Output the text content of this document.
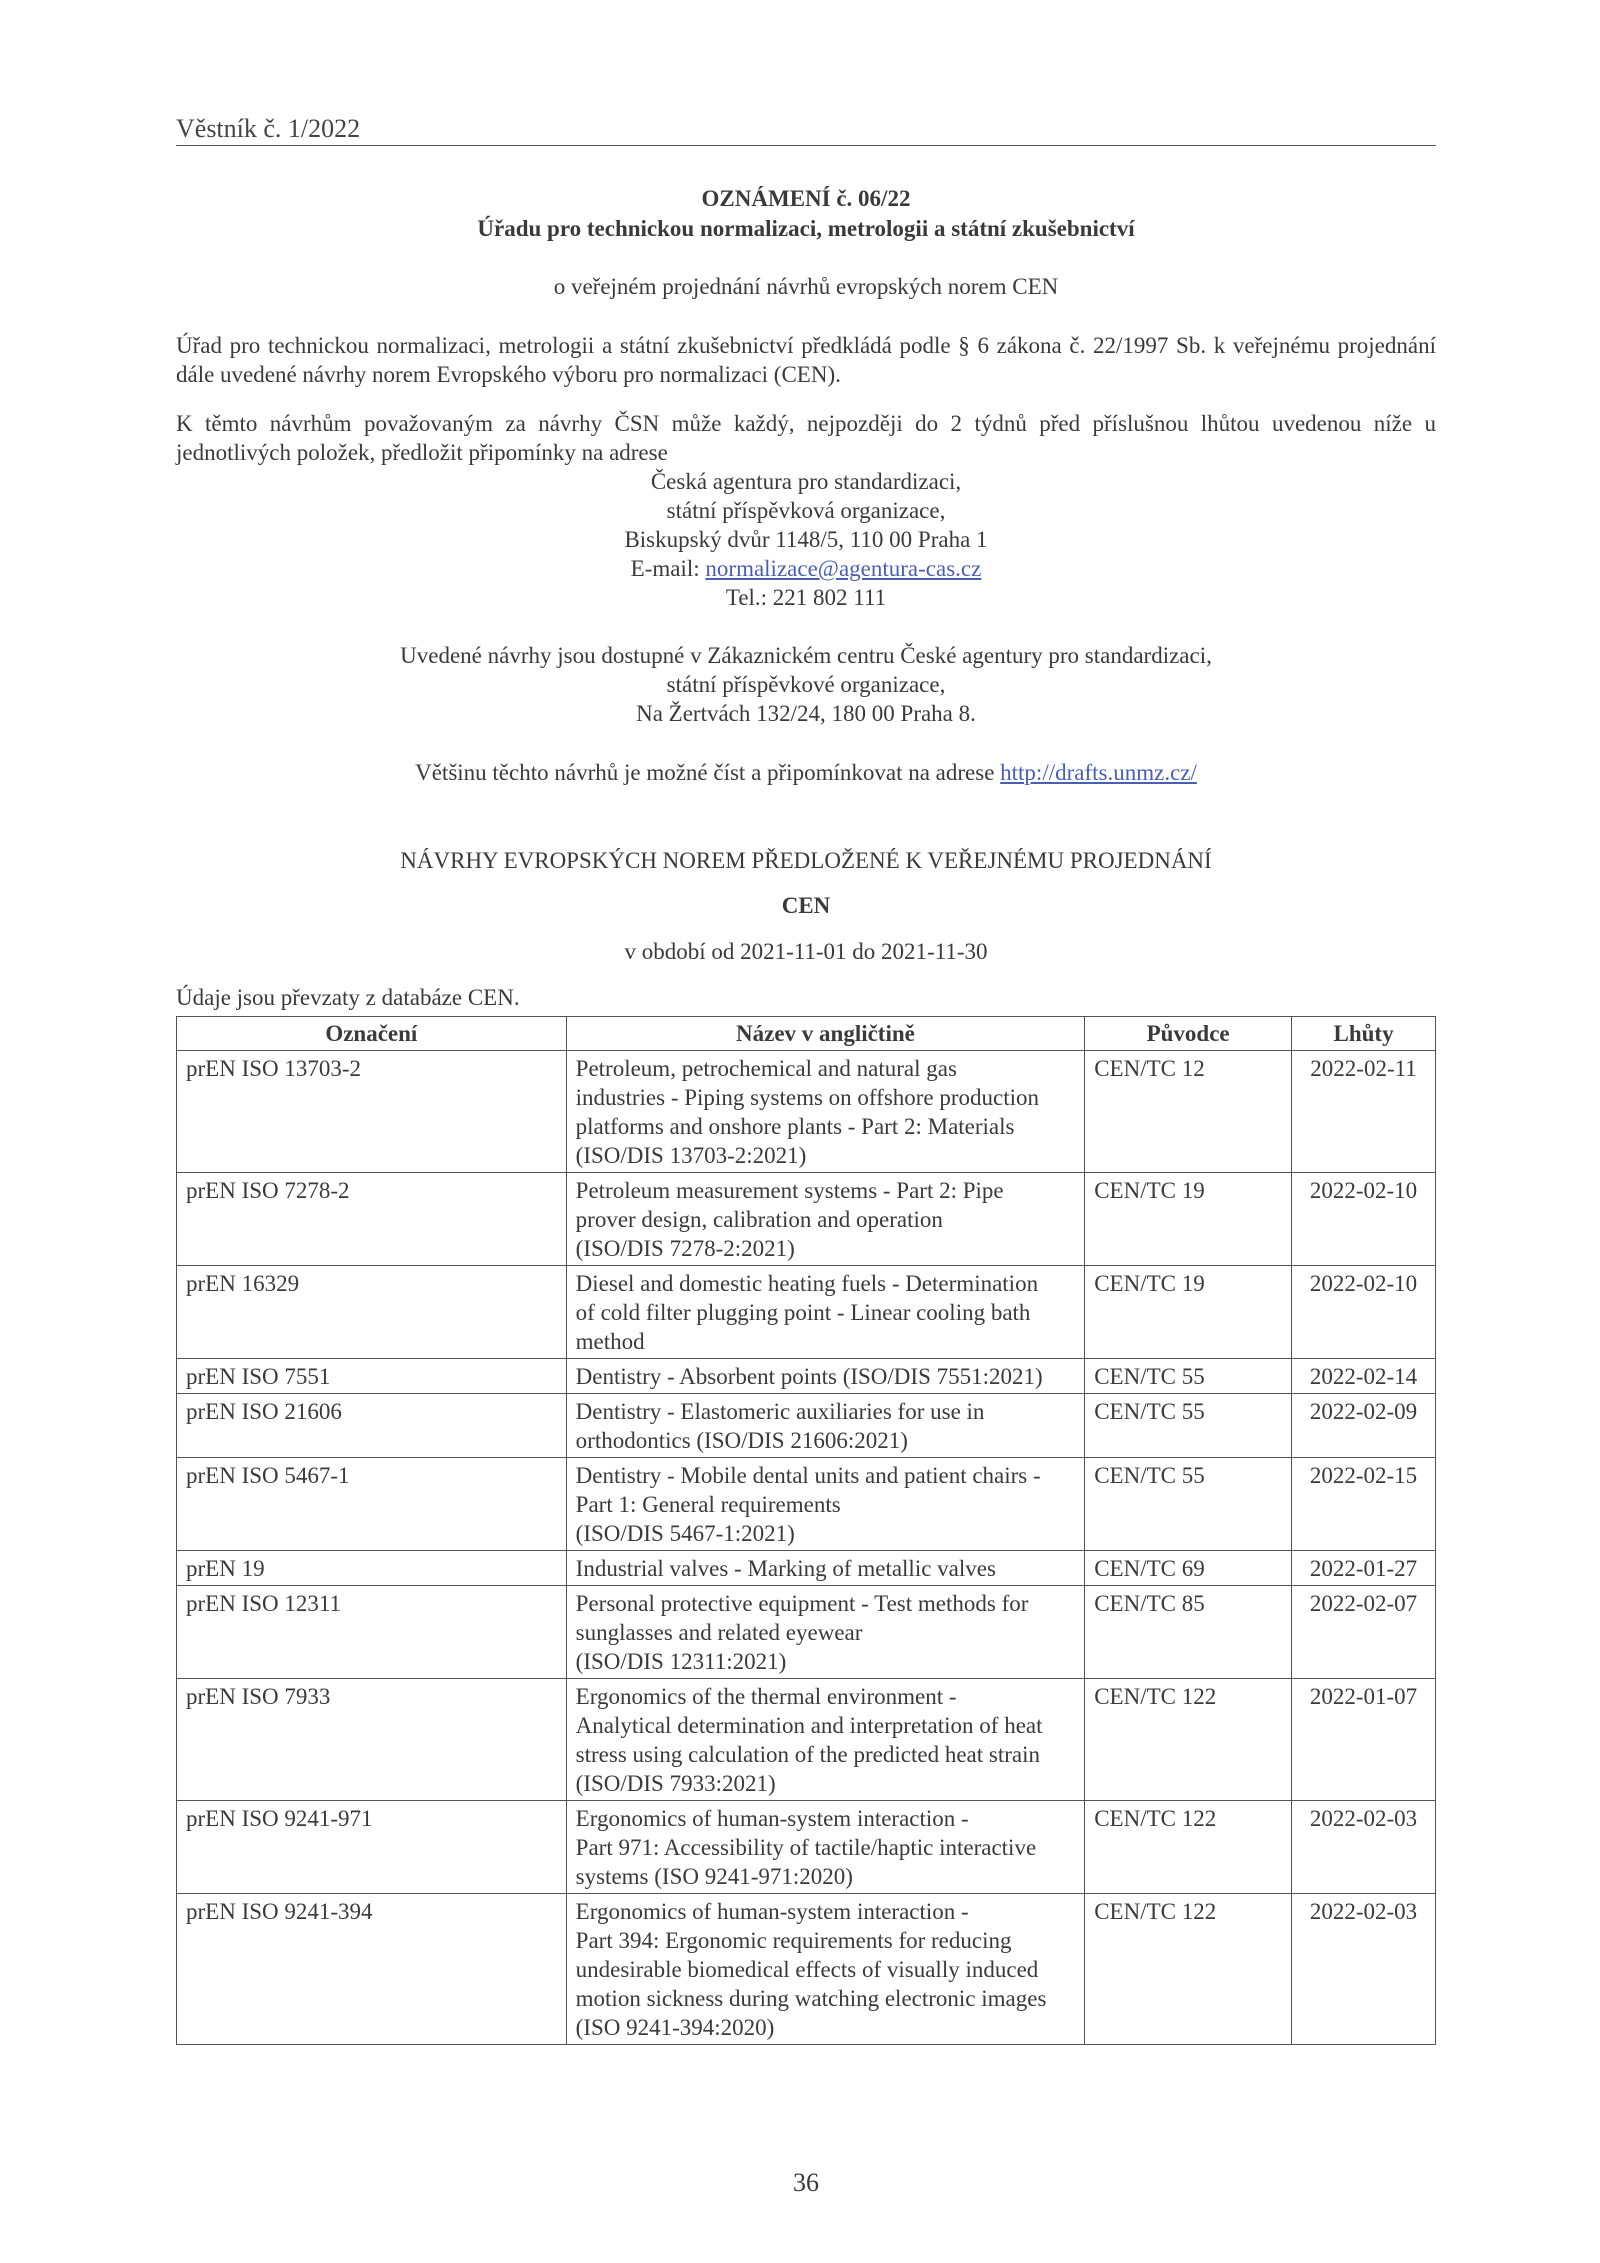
Věstník č. 1/2022
OZNÁMENÍ č. 06/22
Úřadu pro technickou normalizaci, metrologii a státní zkušebnictví
o veřejném projednání návrhů evropských norem CEN
Úřad pro technickou normalizaci, metrologii a státní zkušebnictví předkládá podle § 6 zákona č. 22/1997 Sb. k veřejnému projednání dále uvedené návrhy norem Evropského výboru pro normalizaci (CEN).
K těmto návrhům považovaným za návrhy ČSN může každý, nejpozději do 2 týdnů před příslušnou lhůtou uvedenou níže u jednotlivých položek, předložit připomínky na adrese
Česká agentura pro standardizaci,
státní příspěvková organizace,
Biskupský dvůr 1148/5, 110 00 Praha 1
E-mail: normalizace@agentura-cas.cz
Tel.: 221 802 111
Uvedené návrhy jsou dostupné v Zákaznickém centru České agentury pro standardizaci,
státní příspěvkové organizace,
Na Žertvách 132/24, 180 00 Praha 8.
Většinu těchto návrhů je možné číst a připomínkovat na adrese http://drafts.unmz.cz/
NÁVRHY EVROPSKÝCH NOREM PŘEDLOŽENÉ K VEŘEJNÉMU PROJEDNÁNÍ
CEN
v období od 2021-11-01 do 2021-11-30
Údaje jsou převzaty z databáze CEN.
Označení	Název v angličtině	Původce	Lhůty
prEN ISO 13703-2	Petroleum, petrochemical and natural gas
industries - Piping systems on offshore production
platforms and onshore plants - Part 2: Materials
(ISO/DIS 13703-2:2021)	CEN/TC 12	2022-02-11
prEN ISO 7278-2	Petroleum measurement systems - Part 2: Pipe
prover design, calibration and operation
(ISO/DIS 7278-2:2021)	CEN/TC 19	2022-02-10
prEN 16329	Diesel and domestic heating fuels - Determination
of cold filter plugging point - Linear cooling bath
method	CEN/TC 19	2022-02-10
prEN ISO 7551	Dentistry - Absorbent points (ISO/DIS 7551:2021)	CEN/TC 55	2022-02-14
prEN ISO 21606	Dentistry - Elastomeric auxiliaries for use in
orthodontics (ISO/DIS 21606:2021)	CEN/TC 55	2022-02-09
prEN ISO 5467-1	Dentistry - Mobile dental units and patient chairs -
Part 1: General requirements
(ISO/DIS 5467-1:2021)	CEN/TC 55	2022-02-15
prEN 19	Industrial valves - Marking of metallic valves	CEN/TC 69	2022-01-27
prEN ISO 12311	Personal protective equipment - Test methods for
sunglasses and related eyewear
(ISO/DIS 12311:2021)	CEN/TC 85	2022-02-07
prEN ISO 7933	Ergonomics of the thermal environment -
Analytical determination and interpretation of heat
stress using calculation of the predicted heat strain
(ISO/DIS 7933:2021)	CEN/TC 122	2022-01-07
prEN ISO 9241-971	Ergonomics of human-system interaction -
Part 971: Accessibility of tactile/haptic interactive
systems (ISO 9241-971:2020)	CEN/TC 122	2022-02-03
prEN ISO 9241-394	Ergonomics of human-system interaction -
Part 394: Ergonomic requirements for reducing
undesirable biomedical effects of visually induced
motion sickness during watching electronic images
(ISO 9241-394:2020)	CEN/TC 122	2022-02-03
36
